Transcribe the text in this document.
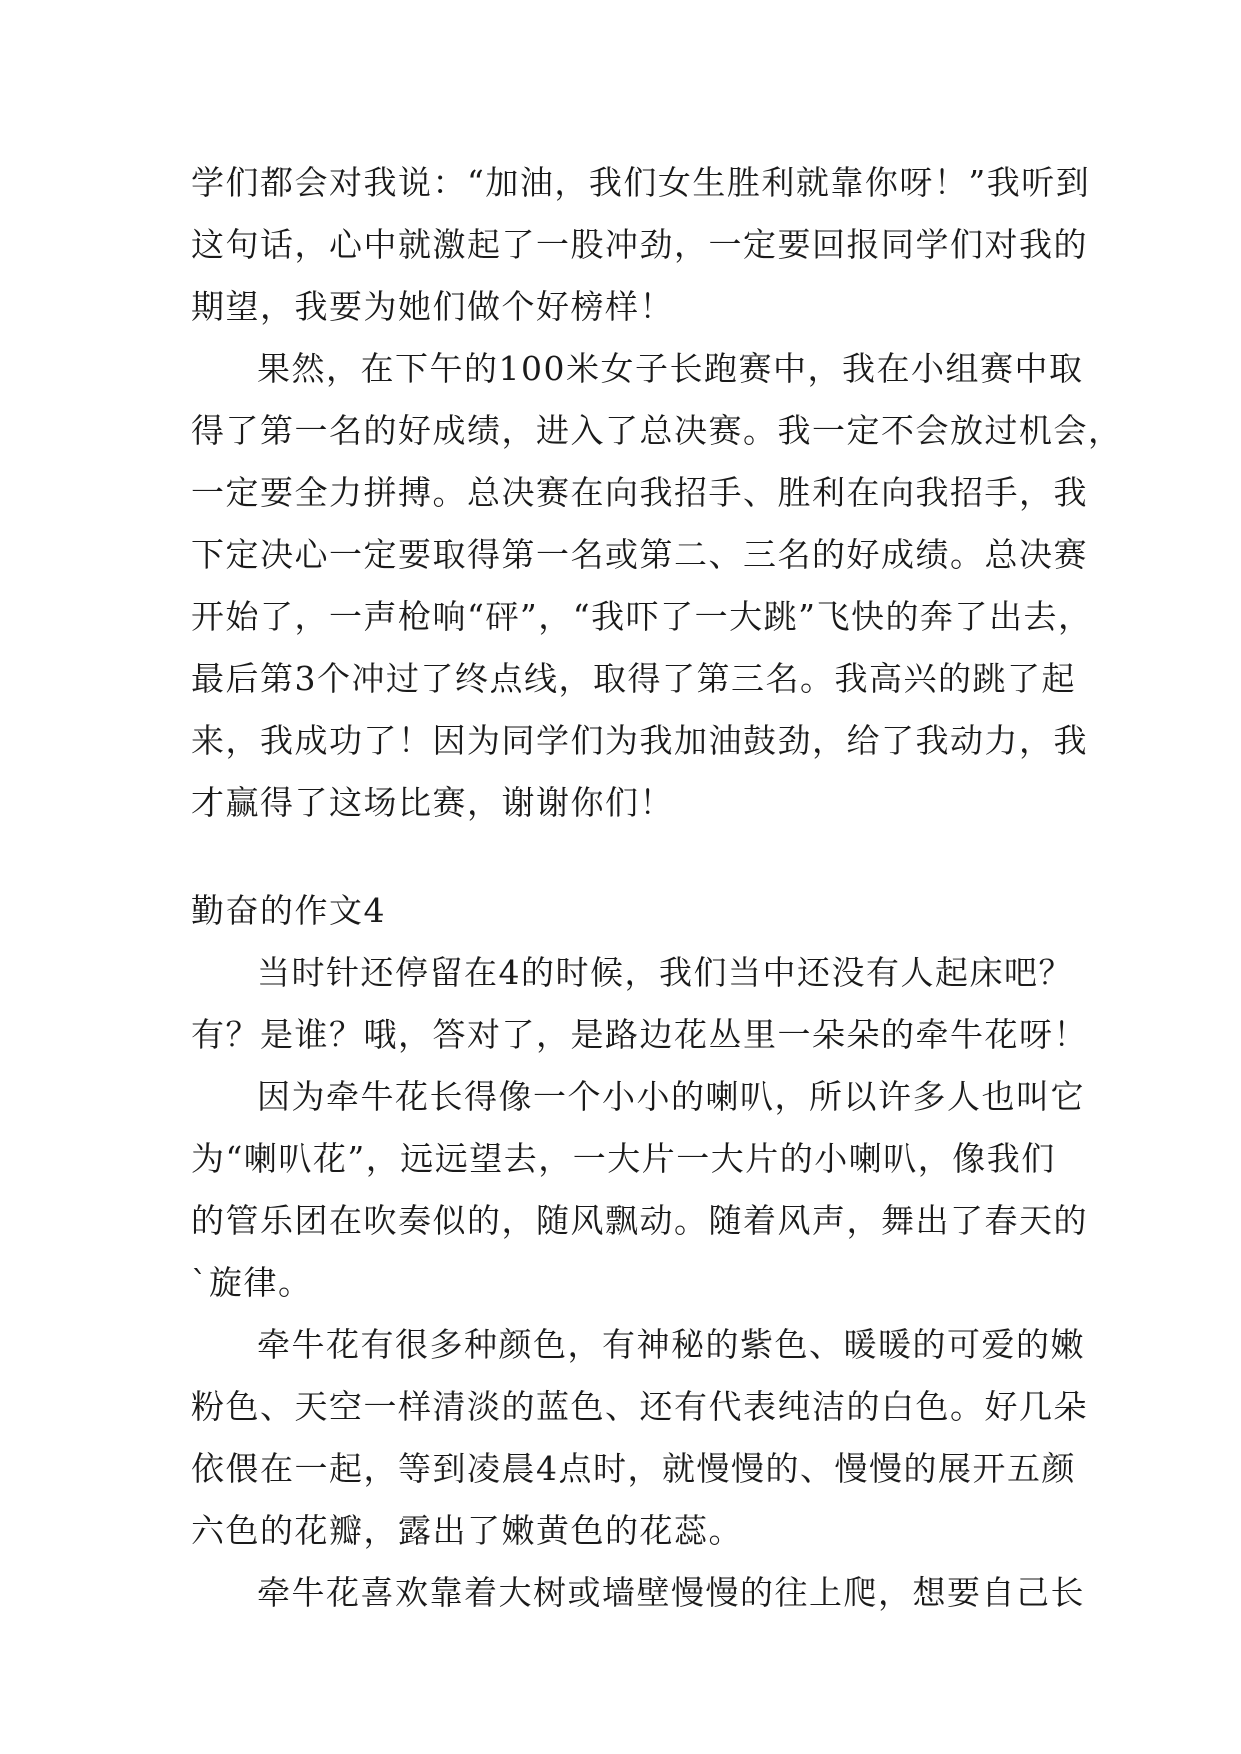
学们都会对我说：“加油，我们女生胜利就靠你呀！”我听到
这句话，心中就激起了一股冲劲，一定要回报同学们对我的
期望，我要为她们做个好榜样！
果然，在下午的100米女子长跑赛中，我在小组赛中取
得了第一名的好成绩，进入了总决赛。我一定不会放过机会，
一定要全力拼搏。总决赛在向我招手、胜利在向我招手，我
下定决心一定要取得第一名或第二、三名的好成绩。总决赛
开始了，一声枪响“砰”，“我吓了一大跳”飞快的奔了出去，
最后第3个冲过了终点线，取得了第三名。我高兴的跳了起
来，我成功了！因为同学们为我加油鼓劲，给了我动力，我
才赢得了这场比赛，谢谢你们！
勤奋的作文4
当时针还停留在4的时候，我们当中还没有人起床吧？
有？是谁？哦，答对了，是路边花丛里一朵朵的牵牛花呀！
因为牵牛花长得像一个小小的喇叭，所以许多人也叫它
为“喇叭花”，远远望去，一大片一大片的小喇叭，像我们
的管乐团在吹奏似的，随风飘动。随着风声，舞出了春天的
`旋律。
牵牛花有很多种颜色，有神秘的紫色、暖暖的可爱的嫩
粉色、天空一样清淡的蓝色、还有代表纯洁的白色。好几朵
依偎在一起，等到凌晨4点时，就慢慢的、慢慢的展开五颜
六色的花瓣，露出了嫩黄色的花蕊。
牵牛花喜欢靠着大树或墙壁慢慢的往上爬，想要自己长
